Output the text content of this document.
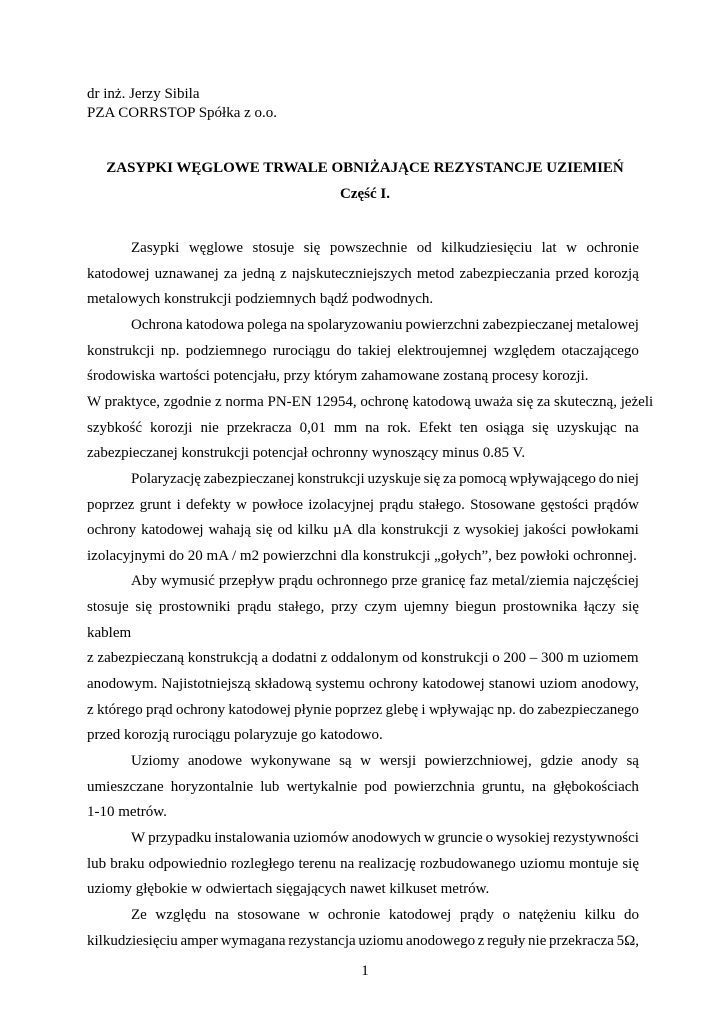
dr inż. Jerzy Sibila
PZA CORRSTOP Spółka z o.o.
ZASYPKI WĘGLOWE TRWALE OBNIŻAJĄCE REZYSTANCJE UZIEMIEŃ
Część I.
Zasypki węglowe stosuje się powszechnie od kilkudziesięciu lat w ochronie
katodowej uznawanej za jedną z najskuteczniejszych metod zabezpieczania przed korozją
metalowych konstrukcji podziemnych bądź podwodnych.
Ochrona katodowa polega na spolaryzowaniu powierzchni zabezpieczanej metalowej
konstrukcji np. podziemnego rurociągu do takiej elektroujemnej względem otaczającego
środowiska wartości potencjału, przy którym zahamowane zostaną procesy korozji.
W praktyce, zgodnie z norma PN-EN 12954, ochronę katodową uważa się za skuteczną, jeżeli
szybkość korozji nie przekracza 0,01 mm na rok. Efekt ten osiąga się uzyskując na
zabezpieczanej konstrukcji potencjał ochronny wynoszący minus 0.85 V.
Polaryzację zabezpieczanej konstrukcji uzyskuje się za pomocą wpływającego do niej
poprzez grunt i defekty w powłoce izolacyjnej prądu stałego. Stosowane gęstości prądów
ochrony katodowej wahają się od kilku µA dla konstrukcji z wysokiej jakości powłokami
izolacyjnymi do 20 mA / m2 powierzchni dla konstrukcji „gołych”, bez powłoki ochronnej.
Aby wymusić przepływ prądu ochronnego prze granicę faz metal/ziemia najczęściej
stosuje się prostowniki prądu stałego, przy czym ujemny biegun prostownika łączy się
kablem
z zabezpieczaną konstrukcją a dodatni z oddalonym od konstrukcji o 200 – 300 m uziomem
anodowym. Najistotniejszą składową systemu ochrony katodowej stanowi uziom anodowy,
z którego prąd ochrony katodowej płynie poprzez glebę i wpływając np. do zabezpieczanego
przed korozją rurociągu polaryzuje go katodowo.
Uziomy anodowe wykonywane są w wersji powierzchniowej, gdzie anody są
umieszczane horyzontalnie lub wertykalnie pod powierzchnia gruntu, na głębokościach
1-10 metrów.
W przypadku instalowania uziomów anodowych w gruncie o wysokiej rezystywności
lub braku odpowiednio rozległego terenu na realizację rozbudowanego uziomu montuje się
uziomy głębokie w odwiertach sięgających nawet kilkuset metrów.
Ze względu na stosowane w ochronie katodowej prądy o natężeniu kilku do
kilkudziesięciu amper wymagana rezystancja uziomu anodowego z reguły nie przekracza 5Ω,
1
